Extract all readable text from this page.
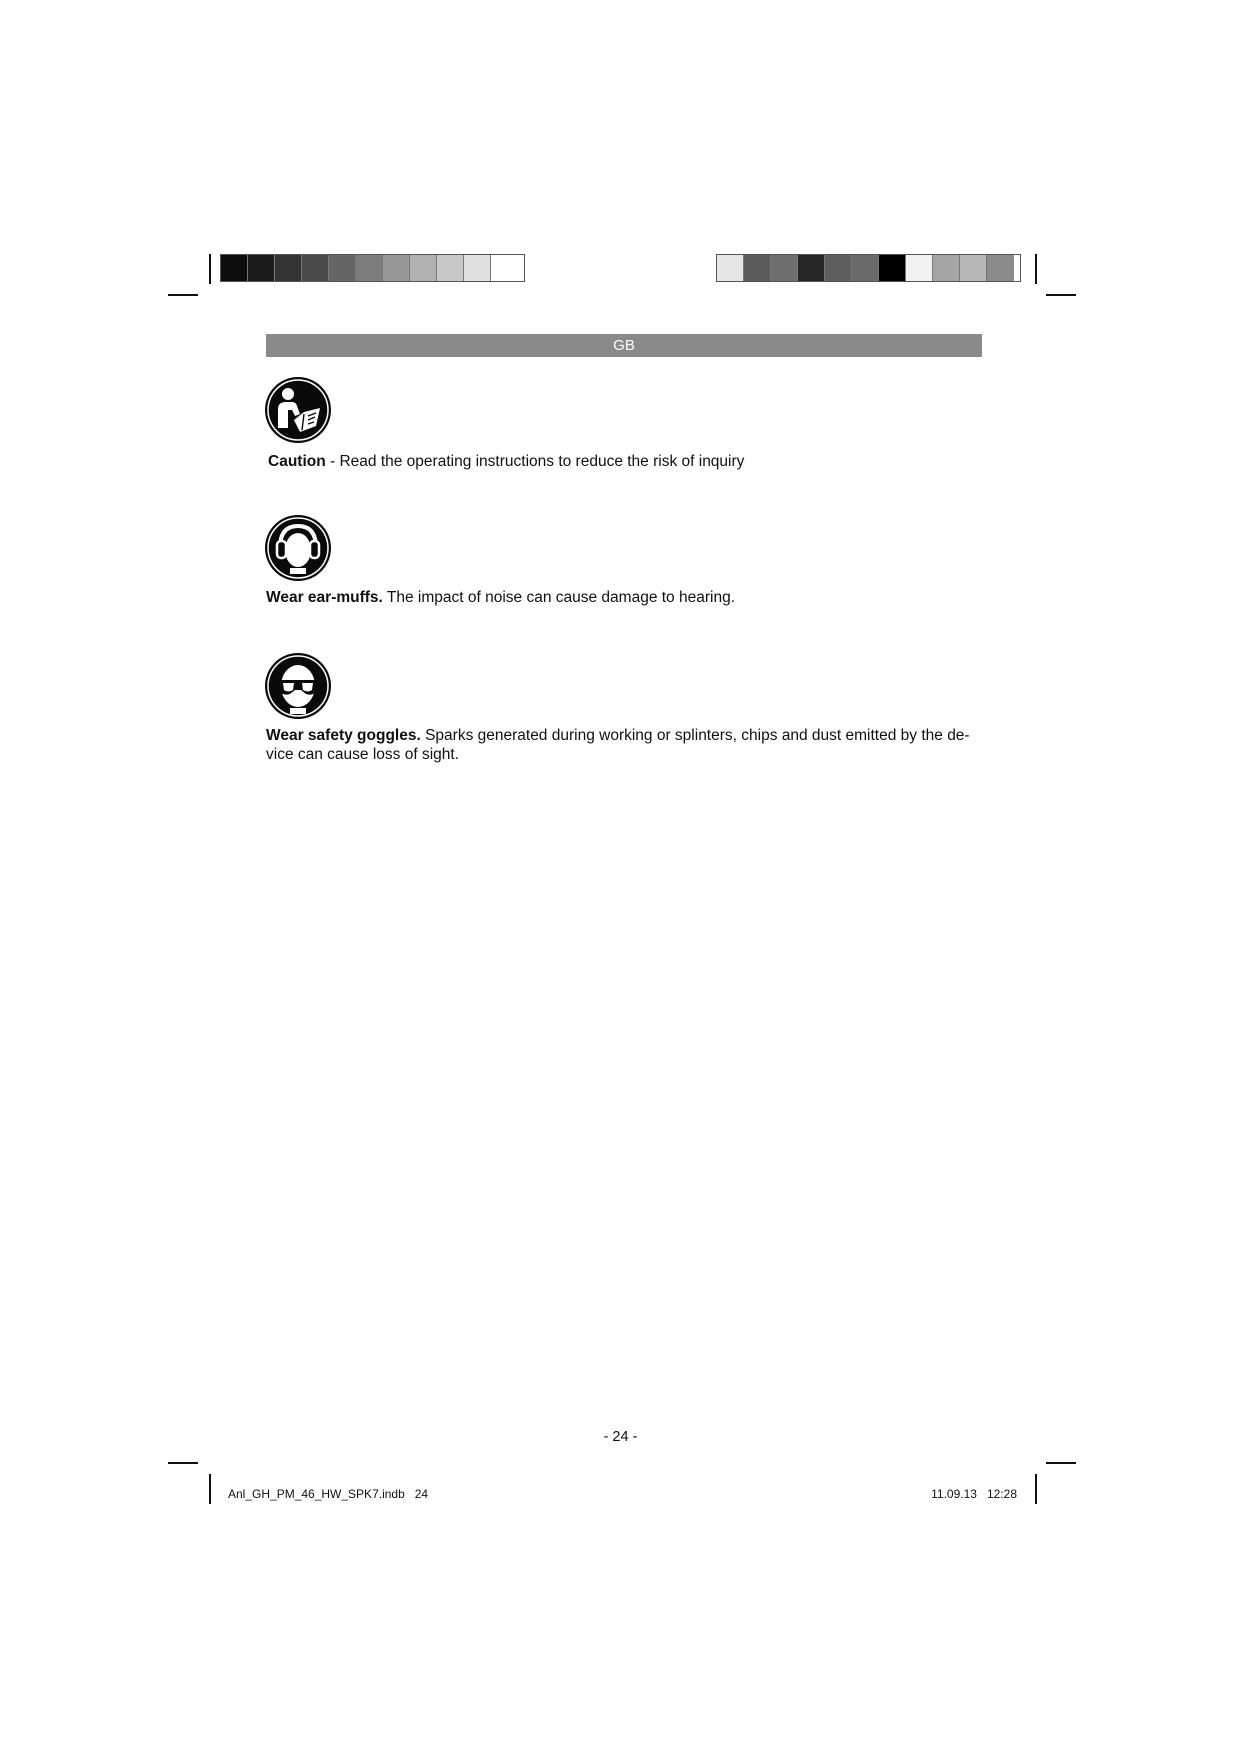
GB
Caution - Read the operating instructions to reduce the risk of inquiry
Wear ear-muffs. The impact of noise can cause damage to hearing.
Wear safety goggles. Sparks generated during working or splinters, chips and dust emitted by the de-vice can cause loss of sight.
- 24 -
Anl_GH_PM_46_HW_SPK7.indb   24	11.09.13   12:28
